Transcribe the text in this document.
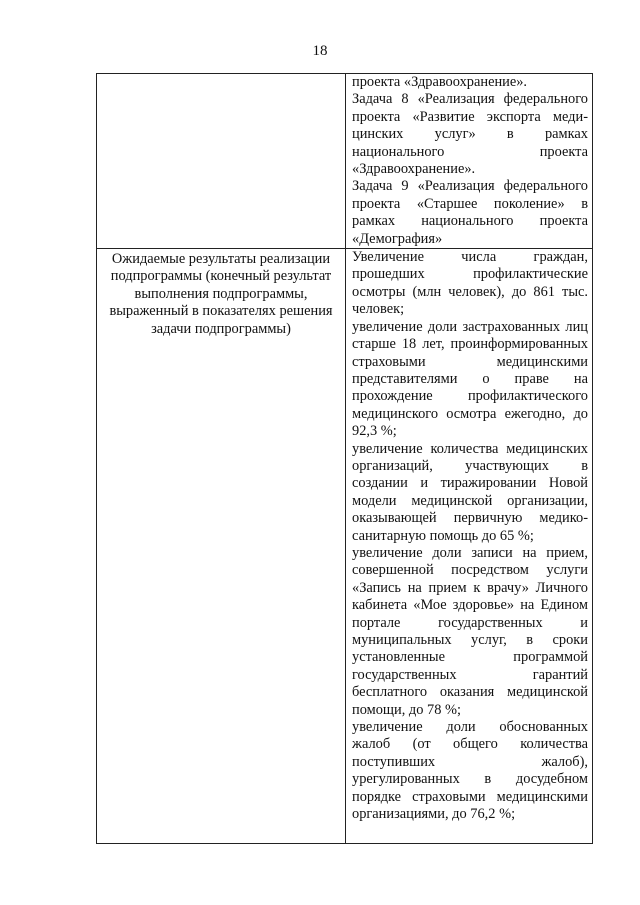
18

	проекта «Здравоохранение».
Задача 8 «Реализация федерального проекта «Развитие экспорта медицинских услуг» в рамках национального проекта «Здравоохранение».
Задача 9 «Реализация федерального проекта «Старшее поколение» в рамках национального проекта «Демография»

Ожидаемые результаты реализации подпрограммы (конечный результат выполнения подпрограммы, выраженный в показателях решения задачи подпрограммы)	Увеличение числа граждан, прошедших профилактические осмотры (млн человек), до 861 тыс. человек;
увеличение доли застрахованных лиц старше 18 лет, проинформированных страховыми медицинскими представителями о праве на прохождение профилактического медицинского осмотра ежегодно, до 92,3 %;
увеличение количества медицинских организаций, участвующих в создании и тиражировании Новой модели медицинской организации, оказывающей первичную медико-санитарную помощь до 65 %;
увеличение доли записи на прием, совершенной посредством услуги «Запись на прием к врачу» Личного кабинета «Мое здоровье» на Едином портале государственных и муниципальных услуг, в сроки установленные программой государственных гарантий бесплатного оказания медицинской помощи, до 78 %;
увеличение доли обоснованных жалоб (от общего количества поступивших жалоб), урегулированных в досудебном порядке страховыми медицинскими организациями, до 76,2 %;
